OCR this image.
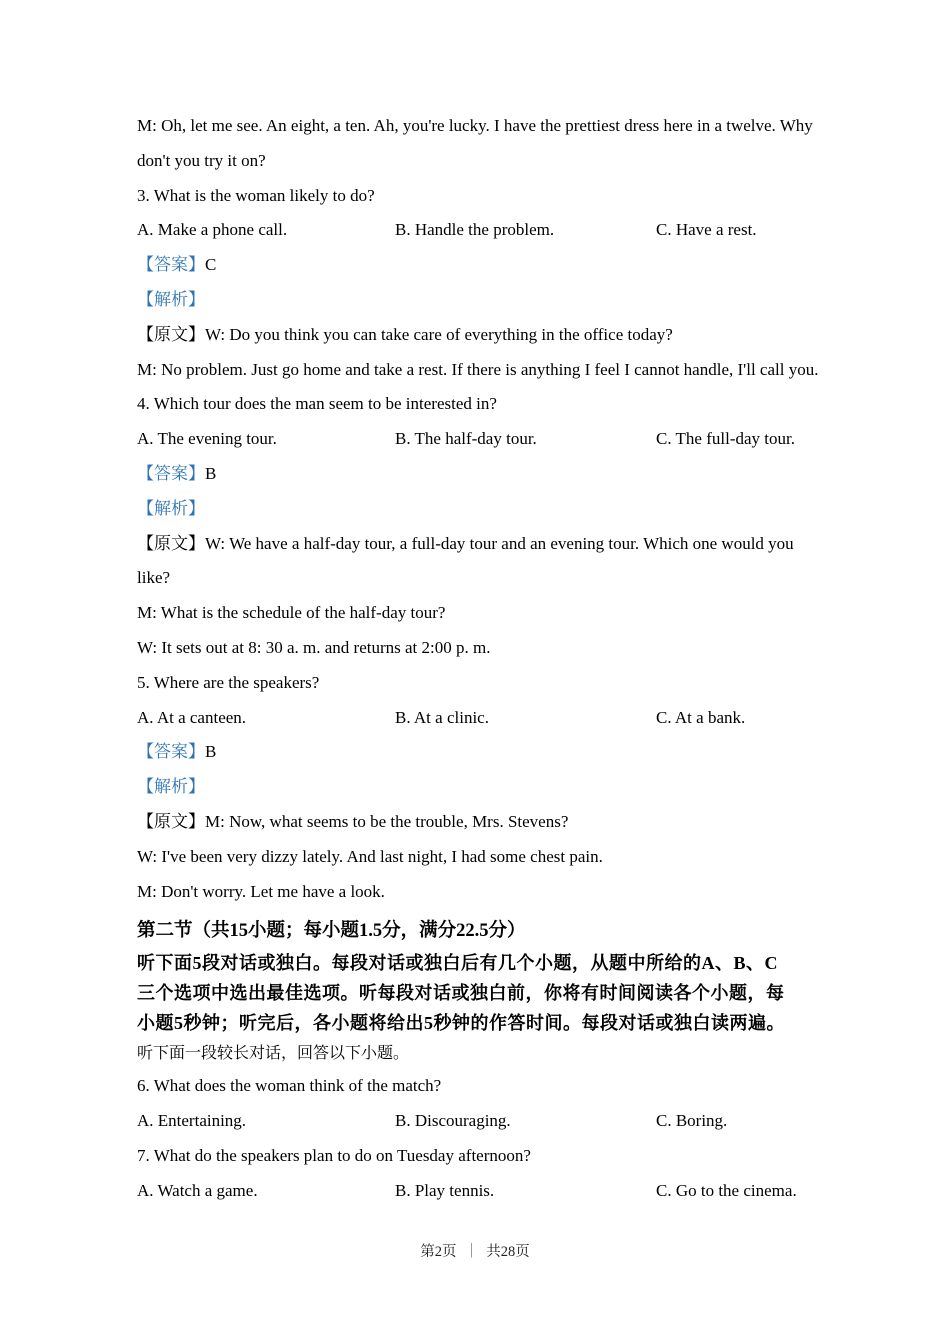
M: Oh, let me see. An eight, a ten. Ah, you're lucky. I have the prettiest dress here in a twelve. Why
don't you try it on?
3. What is the woman likely to do?
A. Make a phone call.	B. Handle the problem.	C. Have a rest.
【答案】C
【解析】
【原文】W: Do you think you can take care of everything in the office today?
M: No problem. Just go home and take a rest. If there is anything I feel I cannot handle, I'll call you.
4. Which tour does the man seem to be interested in?
A. The evening tour.	B. The half-day tour.	C. The full-day tour.
【答案】B
【解析】
【原文】W: We have a half-day tour, a full-day tour and an evening tour. Which one would you
like?
M: What is the schedule of the half-day tour?
W: It sets out at 8: 30 a. m. and returns at 2:00 p. m.
5. Where are the speakers?
A. At a canteen.	B. At a clinic.	C. At a bank.
【答案】B
【解析】
【原文】M: Now, what seems to be the trouble, Mrs. Stevens?
W: I've been very dizzy lately. And last night, I had some chest pain.
M: Don't worry. Let me have a look.
第二节（共15小题；每小题1.5分，满分22.5分）
听下面5段对话或独白。每段对话或独白后有几个小题，从题中所给的A、B、C
三个选项中选出最佳选项。听每段对话或独白前，你将有时间阅读各个小题，每
小题5秒钟；听完后，各小题将给出5秒钟的作答时间。每段对话或独白读两遍。
听下面一段较长对话，回答以下小题。
6. What does the woman think of the match?
A. Entertaining.	B. Discouraging.	C. Boring.
7. What do the speakers plan to do on Tuesday afternoon?
A. Watch a game.	B. Play tennis.	C. Go to the cinema.
第2页 ｜ 共28页
